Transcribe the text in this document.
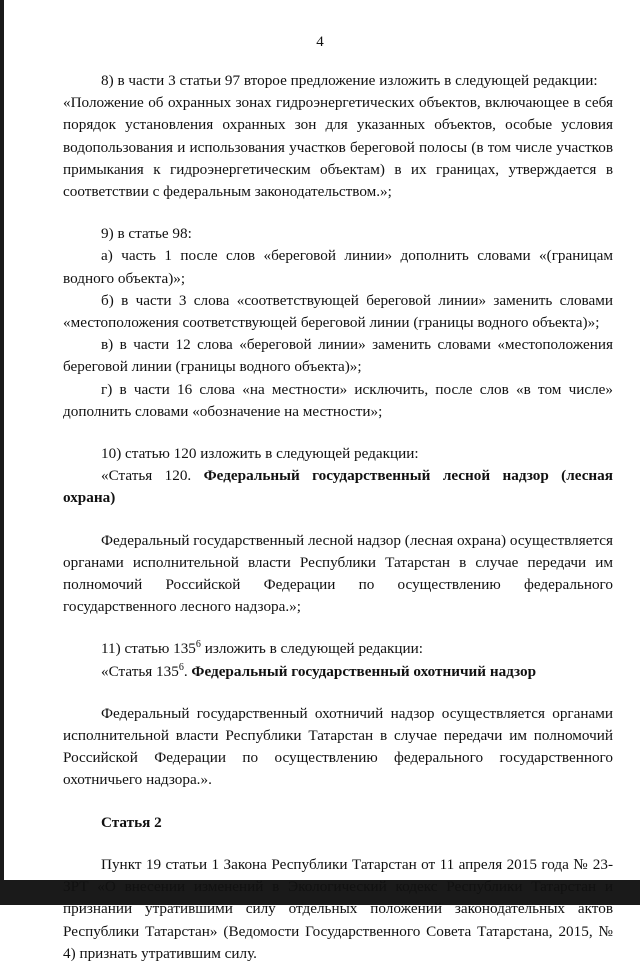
4

8) в части 3 статьи 97 второе предложение изложить в следующей редакции:

«Положение об охранных зонах гидроэнергетических объектов, включающее в себя порядок установления охранных зон для указанных объектов, особые условия водопользования и использования участков береговой полосы (в том числе участков примыкания к гидроэнергетическим объектам) в их границах, утверждается в соответствии с федеральным законодательством.»;

9) в статье 98:

а) часть 1 после слов «береговой линии» дополнить словами «(границам водного объекта)»;

б) в части 3 слова «соответствующей береговой линии» заменить словами «местоположения соответствующей береговой линии (границы водного объекта)»;

в) в части 12 слова «береговой линии» заменить словами «местоположения береговой линии (границы водного объекта)»;

г) в части 16 слова «на местности» исключить, после слов «в том числе» дополнить словами «обозначение на местности»;

10) статью 120 изложить в следующей редакции:

«Статья 120. Федеральный государственный лесной надзор (лесная охрана)

Федеральный государственный лесной надзор (лесная охрана) осуществляется органами исполнительной власти Республики Татарстан в случае передачи им полномочий Российской Федерации по осуществлению федерального государственного лесного надзора.»;

11) статью $135^6$ изложить в следующей редакции:

«Статья $135^6$. Федеральный государственный охотничий надзор

Федеральный государственный охотничий надзор осуществляется органами исполнительной власти Республики Татарстан в случае передачи им полномочий Российской Федерации по осуществлению федерального государственного охотничьего надзора.».

Статья 2

Пункт 19 статьи 1 Закона Республики Татарстан от 11 апреля 2015 года № 23-ЗРТ «О внесении изменений в Экологический кодекс Республики Татарстан и признании утратившими силу отдельных положений законодательных актов Республики Татарстан» (Ведомости Государственного Совета Татарстана, 2015, № 4) признать утратившим силу.
